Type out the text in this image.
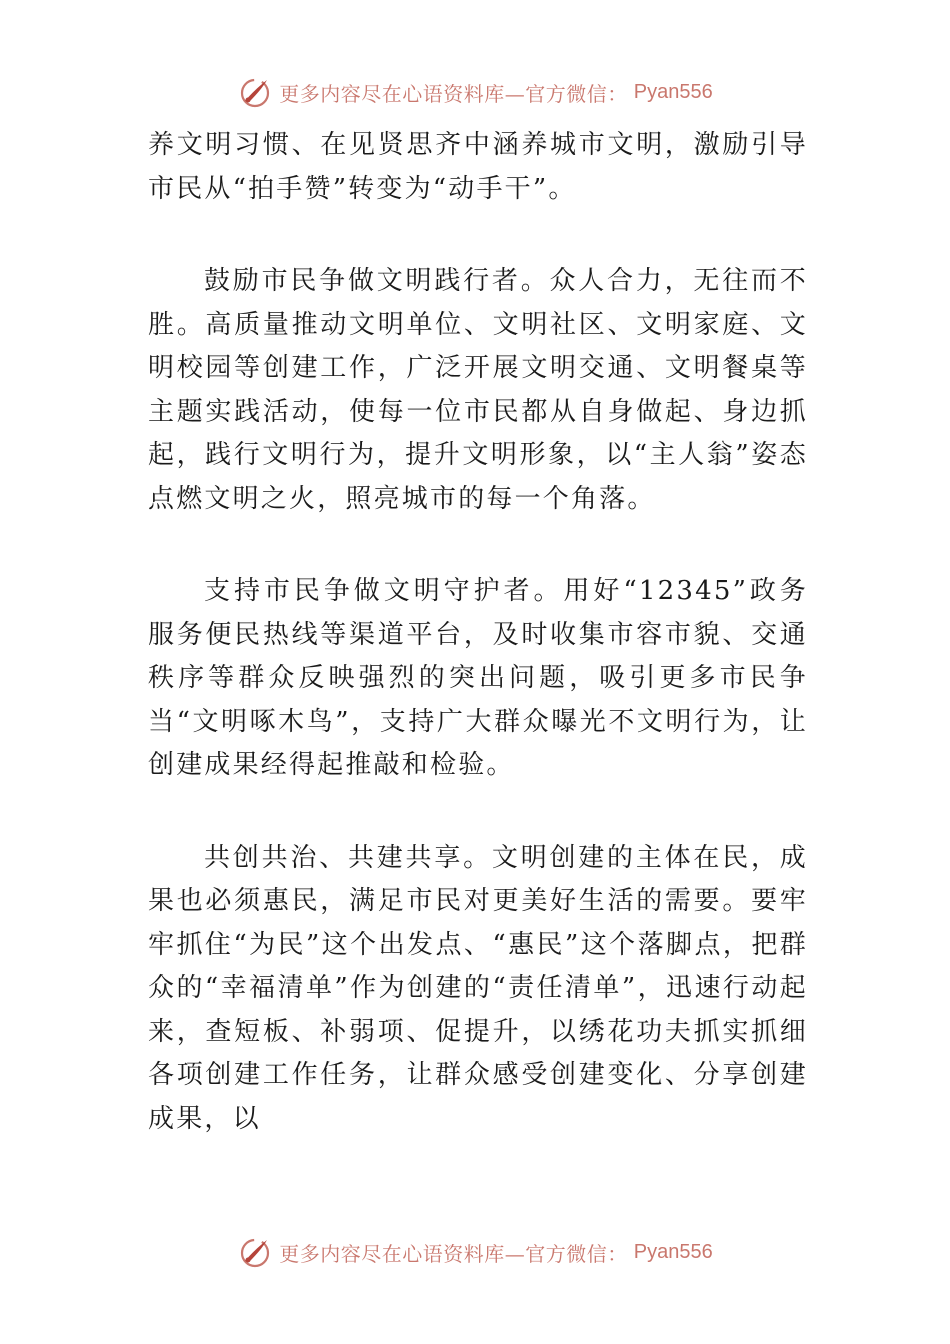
更多内容尽在心语资料库—官方微信： Pyan556

养文明习惯、在见贤思齐中涵养城市文明，激励引导市民从“拍手赞”转变为“动手干”。

鼓励市民争做文明践行者。众人合力，无往而不胜。高质量推动文明单位、文明社区、文明家庭、文明校园等创建工作，广泛开展文明交通、文明餐桌等主题实践活动，使每一位市民都从自身做起、身边抓起，践行文明行为，提升文明形象，以“主人翁”姿态点燃文明之火，照亮城市的每一个角落。

支持市民争做文明守护者。用好“12345”政务服务便民热线等渠道平台，及时收集市容市貌、交通秩序等群众反映强烈的突出问题，吸引更多市民争当“文明啄木鸟”，支持广大群众曝光不文明行为，让创建成果经得起推敲和检验。

共创共治、共建共享。文明创建的主体在民，成果也必须惠民，满足市民对更美好生活的需要。要牢牢抓住“为民”这个出发点、“惠民”这个落脚点，把群众的“幸福清单”作为创建的“责任清单”，迅速行动起来，查短板、补弱项、促提升，以绣花功夫抓实抓细各项创建工作任务，让群众感受创建变化、分享创建成果，以

更多内容尽在心语资料库—官方微信： Pyan556
